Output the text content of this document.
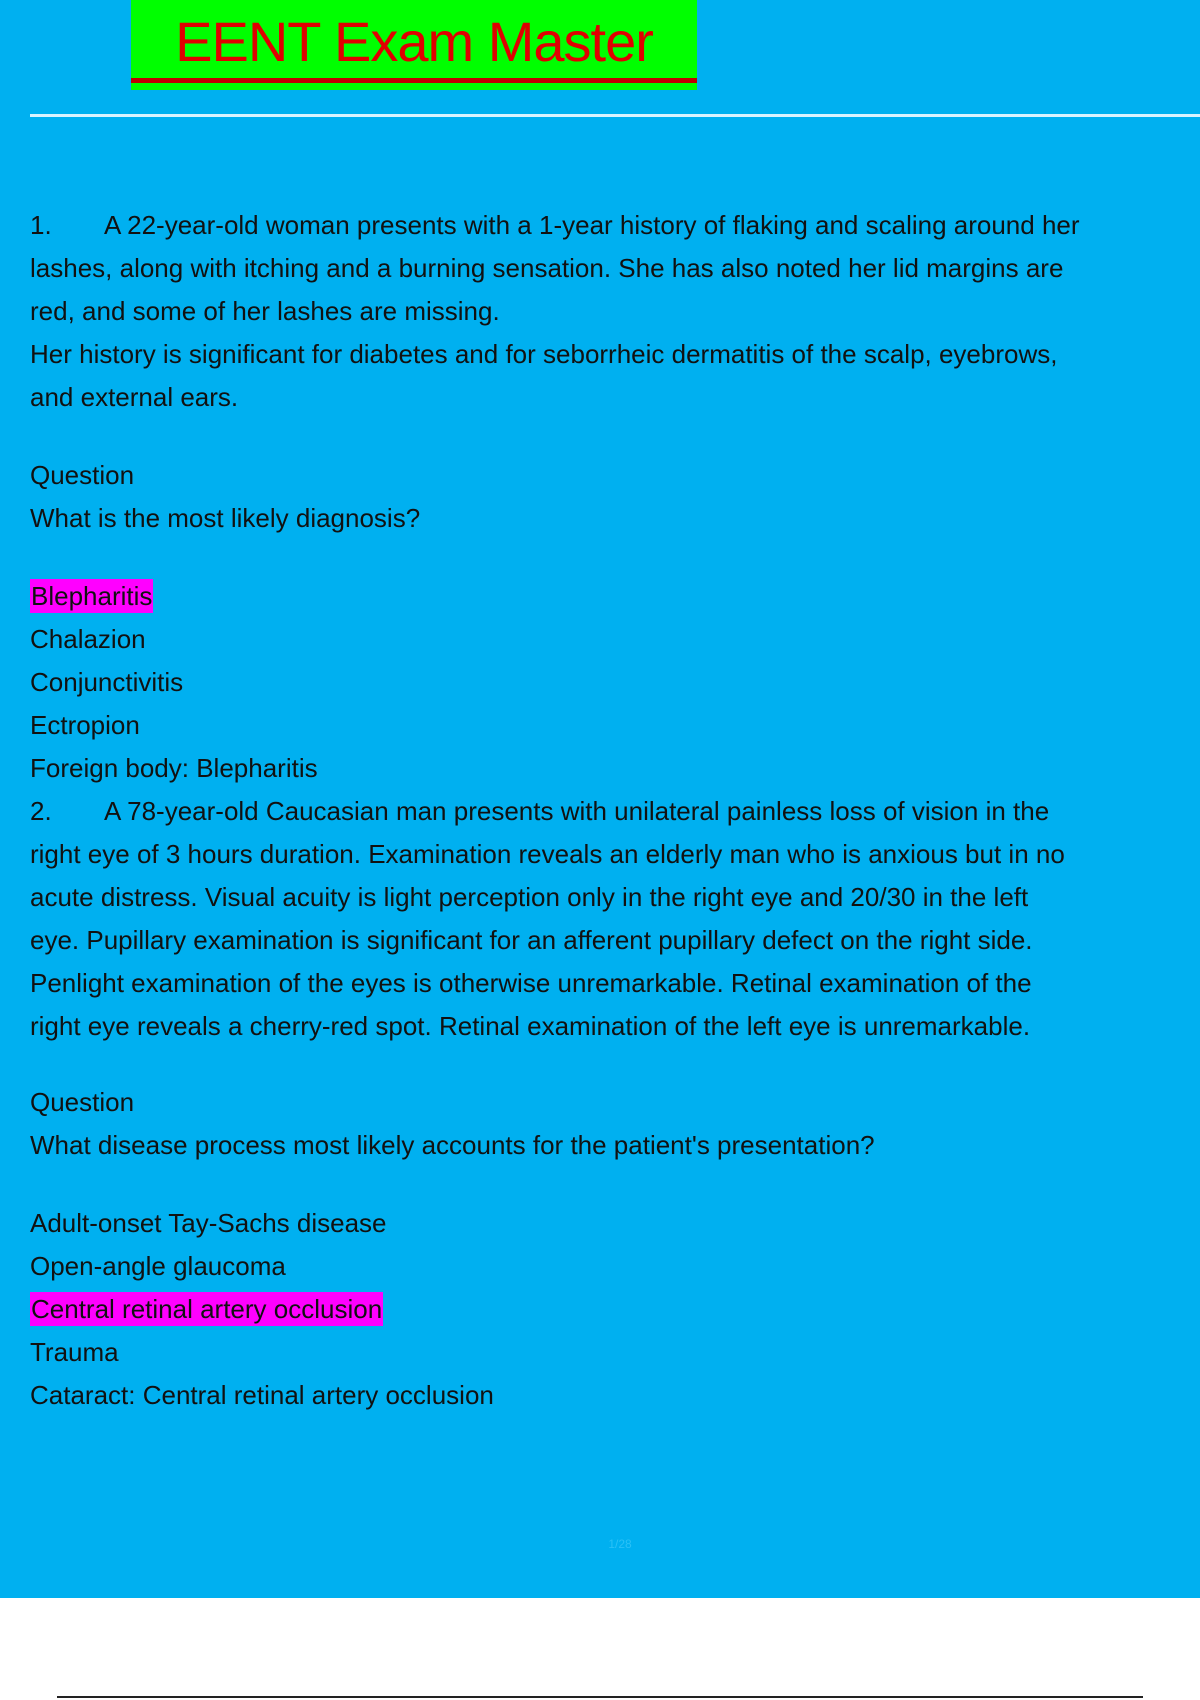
EENT Exam Master
1. A 22-year-old woman presents with a 1-year history of flaking and scaling around her
lashes, along with itching and a burning sensation. She has also noted her lid margins are
red, and some of her lashes are missing.
Her history is significant for diabetes and for seborrheic dermatitis of the scalp, eyebrows,
and external ears.
Question
What is the most likely diagnosis?
Blepharitis
Chalazion
Conjunctivitis
Ectropion
Foreign body: Blepharitis
2. A 78-year-old Caucasian man presents with unilateral painless loss of vision in the
right eye of 3 hours duration. Examination reveals an elderly man who is anxious but in no
acute distress. Visual acuity is light perception only in the right eye and 20/30 in the left
eye. Pupillary examination is significant for an afferent pupillary defect on the right side.
Penlight examination of the eyes is otherwise unremarkable. Retinal examination of the
right eye reveals a cherry-red spot. Retinal examination of the left eye is unremarkable.
Question
What disease process most likely accounts for the patient's presentation?
Adult-onset Tay-Sachs disease
Open-angle glaucoma
Central retinal artery occlusion
Trauma
Cataract: Central retinal artery occlusion
1/28
